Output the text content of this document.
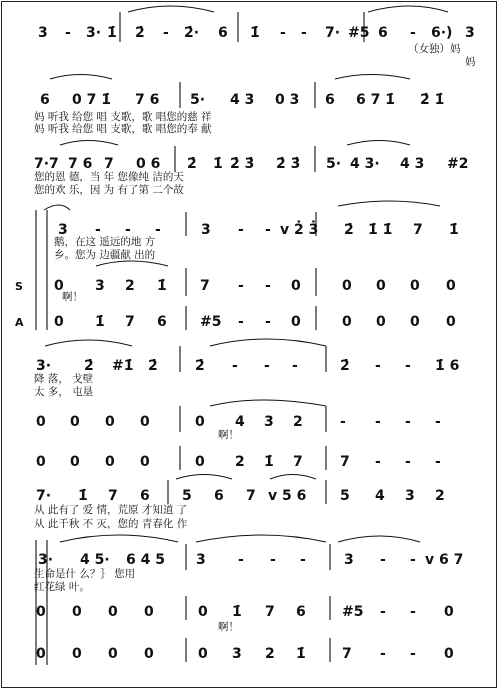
3 - 3· 1̇ 2̇ - 2̇· 6 1̇ - - 7· #5 6 - 6·) 3
（女独）妈
妈
6 0 7 1̇ 7 6 5· 4 3 0 3 6 6 7 1̇ 2̇ 1̇
妈 听我 给您 唱 支歌，歌 唱您的慈 祥
妈 听我 给您 唱 支歌，歌 唱您的奉 献
7·7 7 6 7 0 6 2̇ 1̇ 2̇ 3̇ 2̇ 3̇ 5· 4 3· 4 3 #2
您的恩 德，当 年 您像纯 洁的天
您的欢 乐，因 为 有了第 二个故
3 - - -	3 - - v 2̇ 3̇ 2̇ 1̇ 1̇ 7 1̇
鹅，在这 遥远的地 方
乡。您为 边疆献 出的
S 0 3 2 1̇ 7 - - 0	0 0 0 0
啊！
A 0 1̇ 7 6 #5 - - 0	0 0 0 0
3· 2̇ #1̇ 2̇	2̇ - - -	2̇ - - 1̇ 6
降 落， 戈壁
太 多， 屯垦
0 0 0 0	0 4 3 2	- - - -
啊！
0 0 0 0	0 2 1̇ 7	7 - - -
7· 1̇ 7 6 5 6 7 v 5 6 5 4 3 2
从 此有了 爱 情，荒原 才知道 了
从 此千秋 不 灭，您的 青春化 作
3· 4 5· 6 4 5 3 - - -	3 - - v 6 7
生命是什 么？｝ 您用
红花绿 叶。
0 0 0 0	0 1̇ 7 6	#5 - - 0
啊！
0 0 0 0	0 3 2 1̇	7 - - 0
